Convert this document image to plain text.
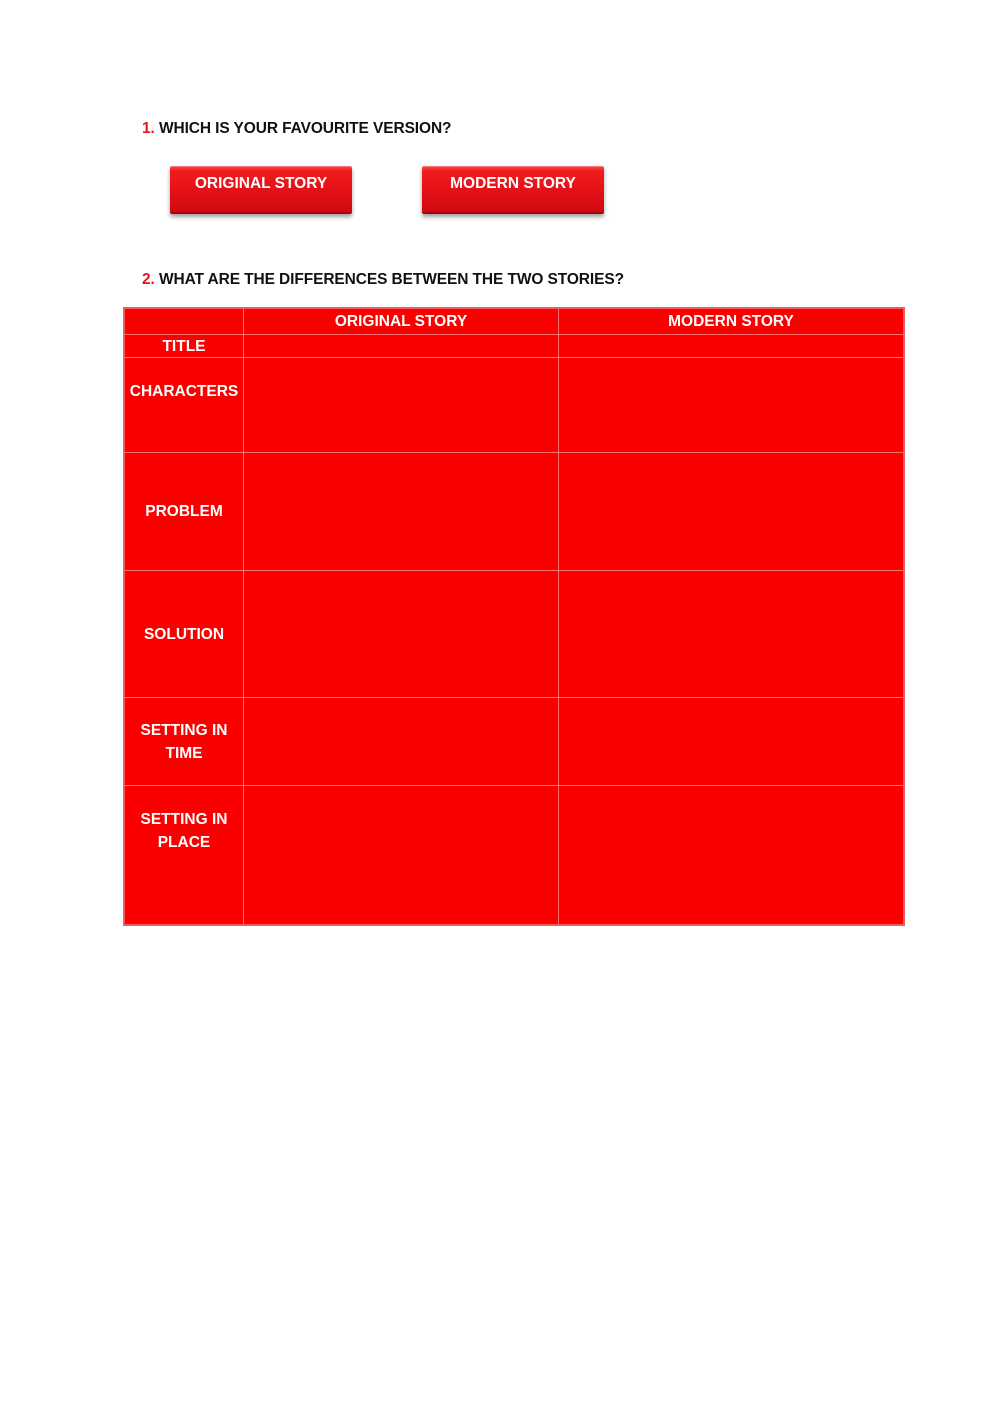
1. WHICH IS YOUR FAVOURITE VERSION?
ORIGINAL STORY	MODERN STORY
2. WHAT ARE THE DIFFERENCES BETWEEN THE TWO STORIES?
ORIGINAL STORY	MODERN STORY
TITLE
CHARACTERS
PROBLEM
SOLUTION
SETTING IN TIME
SETTING IN PLACE
